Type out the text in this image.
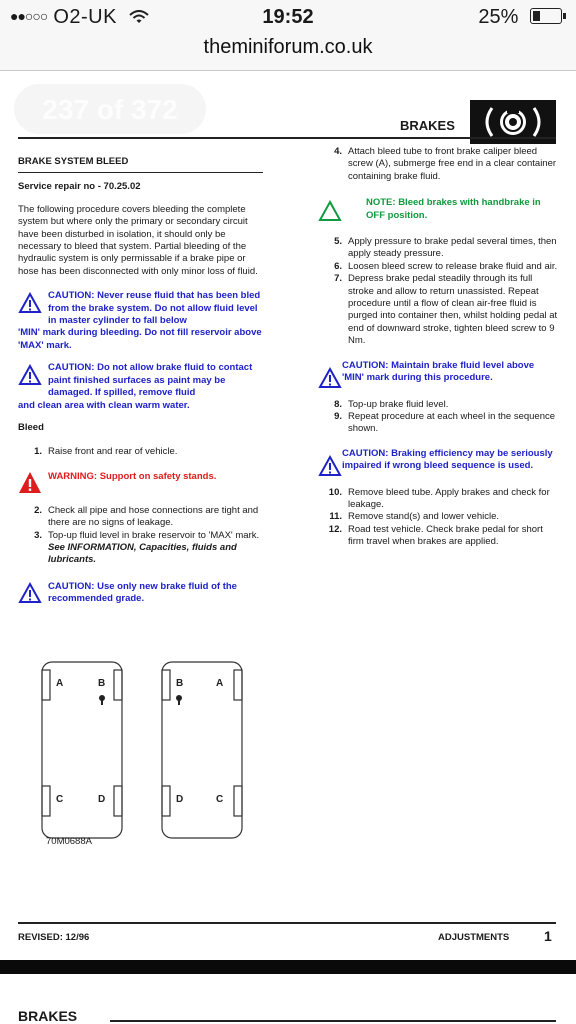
●●○○○ O2-UK	19:52	25%
theminiforum.co.uk
237 of 372
BRAKES
BRAKE SYSTEM BLEED
Service repair no - 70.25.02
The following procedure covers bleeding the complete system but where only the primary or secondary circuit have been disturbed in isolation, it should only be necessary to bleed that system. Partial bleeding of the hydraulic system is only permissable if a brake pipe or hose has been disconnected with only minor loss of fluid.
CAUTION: Never reuse fluid that has been bled from the brake system. Do not allow fluid level in master cylinder to fall below
'MIN' mark during bleeding. Do not fill reservoir above 'MAX' mark.
CAUTION: Do not allow brake fluid to contact paint finished surfaces as paint may be damaged. If spilled, remove fluid
and clean area with clean warm water.
Bleed
1. Raise front and rear of vehicle.
WARNING: Support on safety stands.
2. Check all pipe and hose connections are tight and there are no signs of leakage.
3. Top-up fluid level in brake reservoir to 'MAX' mark. See INFORMATION, Capacities, fluids and lubricants.
CAUTION: Use only new brake fluid of the recommended grade.
A	B
C	D
B	A
D	C
70M0688A
4. Attach bleed tube to front brake caliper bleed screw (A), submerge free end in a clear container containing brake fluid.
NOTE: Bleed brakes with handbrake in OFF position.
5. Apply pressure to brake pedal several times, then apply steady pressure.
6. Loosen bleed screw to release brake fluid and air.
7. Depress brake pedal steadily through its full stroke and allow to return unassisted. Repeat procedure until a flow of clean air-free fluid is purged into container then, whilst holding pedal at end of downward stroke, tighten bleed screw to 9 Nm.
CAUTION: Maintain brake fluid level above 'MIN' mark during this procedure.
8. Top-up brake fluid level.
9. Repeat procedure at each wheel in the sequence shown.
CAUTION: Braking efficiency may be seriously impaired if wrong bleed sequence is used.
10. Remove bleed tube. Apply brakes and check for leakage.
11. Remove stand(s) and lower vehicle.
12. Road test vehicle. Check brake pedal for short firm travel when brakes are applied.
REVISED: 12/96	ADJUSTMENTS 1
BRAKES
